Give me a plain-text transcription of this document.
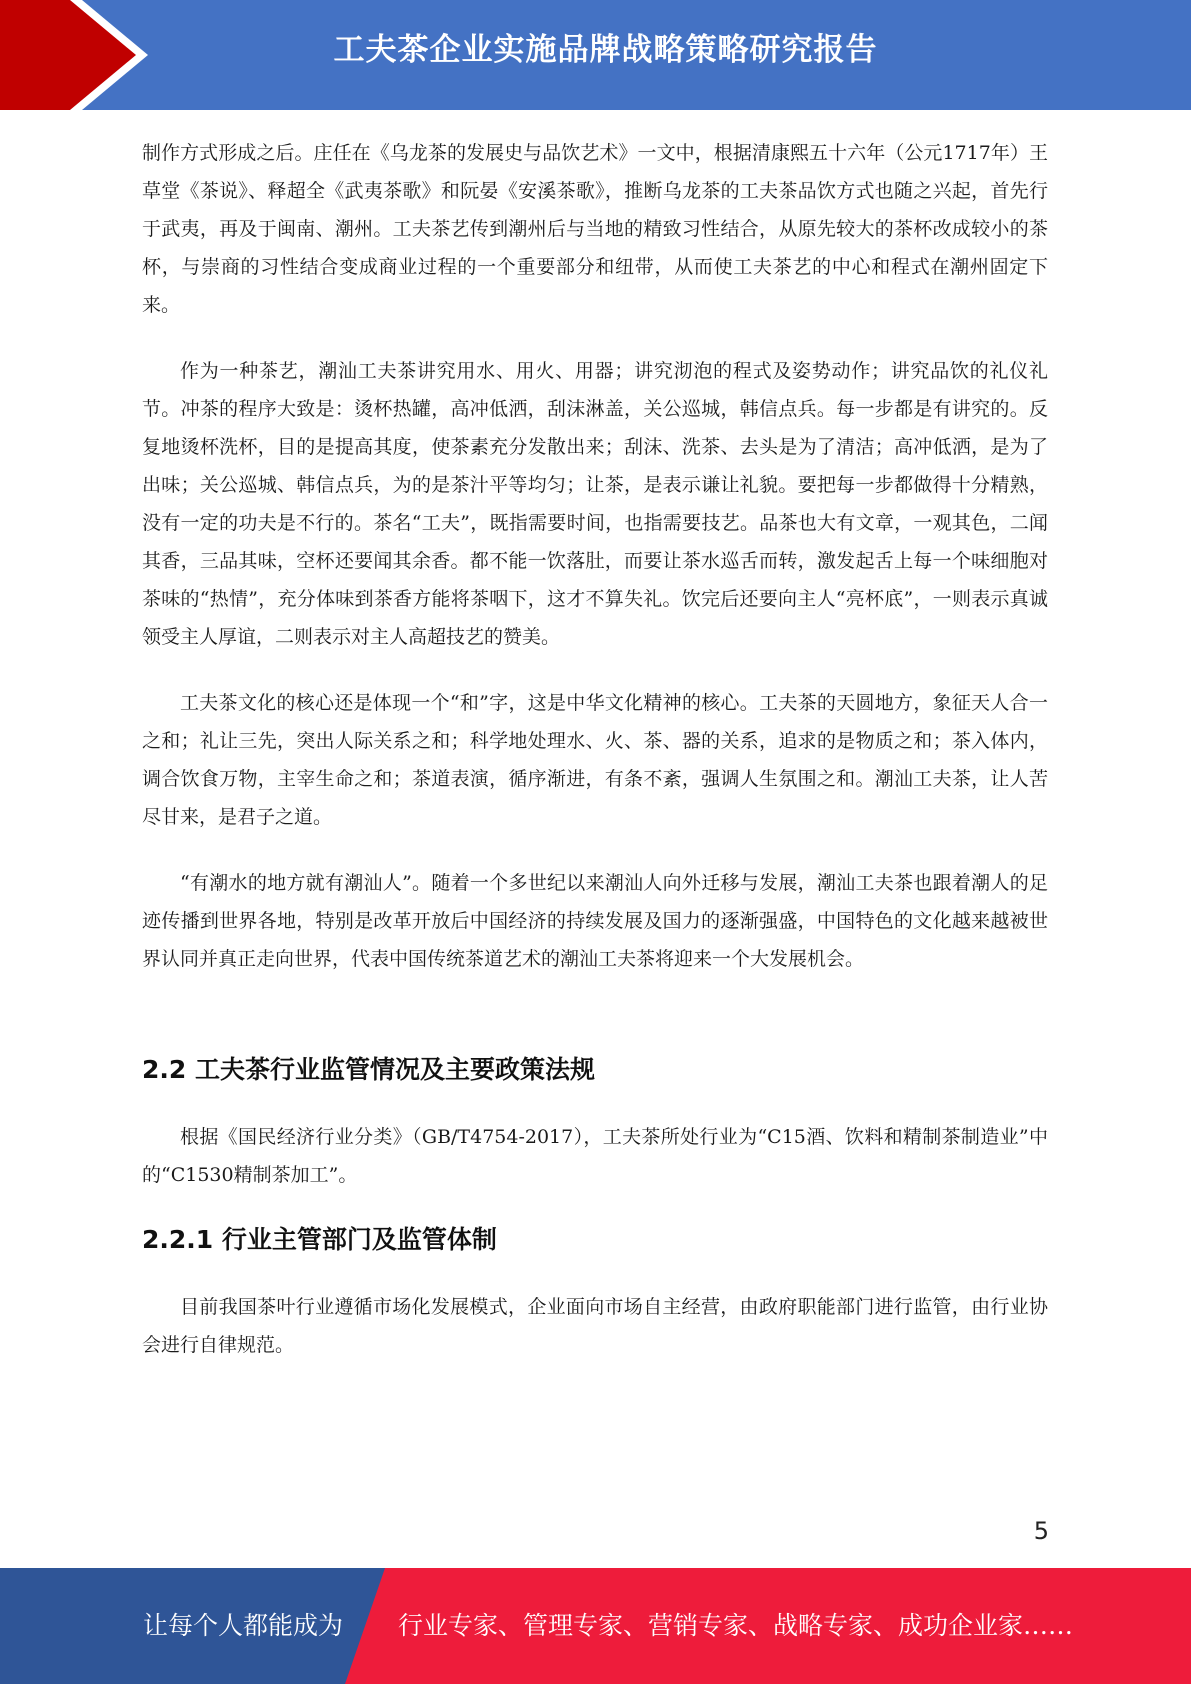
工夫茶企业实施品牌战略策略研究报告

制作方式形成之后。庄任在《乌龙茶的发展史与品饮艺术》一文中，根据清康熙五十六年（公元1717年）王草堂《茶说》、释超全《武夷茶歌》和阮晏《安溪茶歌》，推断乌龙茶的工夫茶品饮方式也随之兴起，首先行于武夷，再及于闽南、潮州。工夫茶艺传到潮州后与当地的精致习性结合，从原先较大的茶杯改成较小的茶杯，与崇商的习性结合变成商业过程的一个重要部分和纽带，从而使工夫茶艺的中心和程式在潮州固定下来。

作为一种茶艺，潮汕工夫茶讲究用水、用火、用器；讲究沏泡的程式及姿势动作；讲究品饮的礼仪礼节。冲茶的程序大致是：烫杯热罐，高冲低洒，刮沫淋盖，关公巡城，韩信点兵。每一步都是有讲究的。反复地烫杯洗杯，目的是提高其度，使茶素充分发散出来；刮沫、洗茶、去头是为了清洁；高冲低洒，是为了出味；关公巡城、韩信点兵，为的是茶汁平等均匀；让茶，是表示谦让礼貌。要把每一步都做得十分精熟，没有一定的功夫是不行的。茶名“工夫”，既指需要时间，也指需要技艺。品茶也大有文章，一观其色，二闻其香，三品其味，空杯还要闻其余香。都不能一饮落肚，而要让茶水巡舌而转，激发起舌上每一个味细胞对茶味的“热情”，充分体味到茶香方能将茶咽下，这才不算失礼。饮完后还要向主人“亮杯底”，一则表示真诚领受主人厚谊，二则表示对主人高超技艺的赞美。

工夫茶文化的核心还是体现一个“和”字，这是中华文化精神的核心。工夫茶的天圆地方，象征天人合一之和；礼让三先，突出人际关系之和；科学地处理水、火、茶、器的关系，追求的是物质之和；茶入体内，调合饮食万物，主宰生命之和；茶道表演，循序渐进，有条不紊，强调人生氛围之和。潮汕工夫茶，让人苦尽甘来，是君子之道。

“有潮水的地方就有潮汕人”。随着一个多世纪以来潮汕人向外迁移与发展，潮汕工夫茶也跟着潮人的足迹传播到世界各地，特别是改革开放后中国经济的持续发展及国力的逐渐强盛，中国特色的文化越来越被世界认同并真正走向世界，代表中国传统茶道艺术的潮汕工夫茶将迎来一个大发展机会。

2.2 工夫茶行业监管情况及主要政策法规

根据《国民经济行业分类》（GB/T4754-2017），工夫茶所处行业为“C15酒、饮料和精制茶制造业”中的“C1530精制茶加工”。

2.2.1 行业主管部门及监管体制

目前我国茶叶行业遵循市场化发展模式，企业面向市场自主经营，由政府职能部门进行监管，由行业协会进行自律规范。

5
让每个人都能成为 行业专家、管理专家、营销专家、战略专家、成功企业家……
